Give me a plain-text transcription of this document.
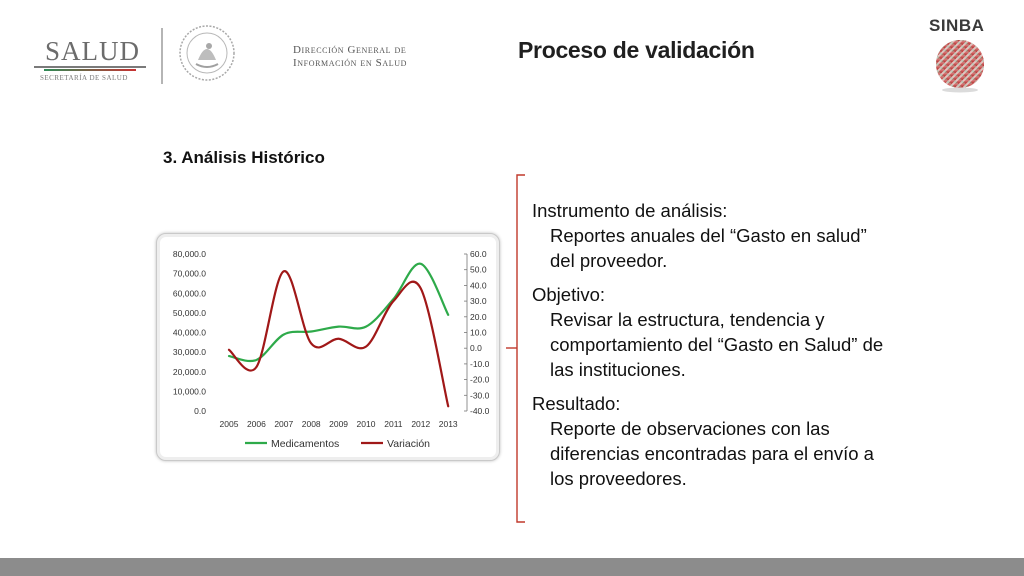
SALUD
SECRETARÍA DE SALUD
Dirección General de
Información en Salud	Proceso de validación
SINBA
3. Análisis Histórico
80,000.0
70,000.0
60,000.0
50,000.0
40,000.0
30,000.0
20,000.0
10,000.0
0.0
60.0
50.0
40.0
30.0
20.0
10.0
0.0
-10.0
-20.0
-30.0
-40.0
2005 2006 2007 2008 2009 2010 2011 2012 2013
Medicamentos	Variación
Instrumento de análisis:
Reportes anuales del “Gasto en salud” del proveedor.
Objetivo:
Revisar la estructura, tendencia y comportamiento del “Gasto en Salud” de las instituciones.
Resultado:
Reporte de observaciones con las diferencias encontradas para el envío a los proveedores.
